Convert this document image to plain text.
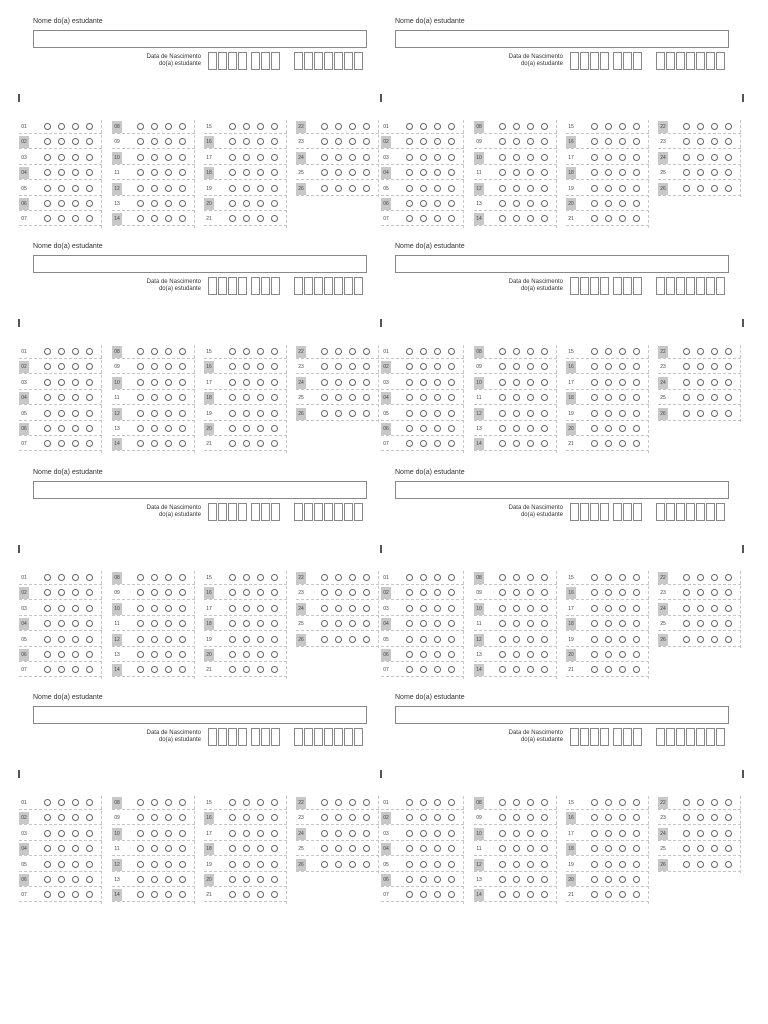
Nome do(a) estudante
Data de Nascimento
do(a) estudante
01
02
03
04
05
06
07
08
09
10
11
12
13
14
15
16
17
18
19
20
21
22
23
24
25
26
Nome do(a) estudante
Data de Nascimento
do(a) estudante
01
02
03
04
05
06
07
08
09
10
11
12
13
14
15
16
17
18
19
20
21
22
23
24
25
26
Nome do(a) estudante
Data de Nascimento
do(a) estudante
01
02
03
04
05
06
07
08
09
10
11
12
13
14
15
16
17
18
19
20
21
22
23
24
25
26
Nome do(a) estudante
Data de Nascimento
do(a) estudante
01
02
03
04
05
06
07
08
09
10
11
12
13
14
15
16
17
18
19
20
21
22
23
24
25
26
Nome do(a) estudante
Data de Nascimento
do(a) estudante
01
02
03
04
05
06
07
08
09
10
11
12
13
14
15
16
17
18
19
20
21
22
23
24
25
26
Nome do(a) estudante
Data de Nascimento
do(a) estudante
01
02
03
04
05
06
07
08
09
10
11
12
13
14
15
16
17
18
19
20
21
22
23
24
25
26
Nome do(a) estudante
Data de Nascimento
do(a) estudante
01
02
03
04
05
06
07
08
09
10
11
12
13
14
15
16
17
18
19
20
21
22
23
24
25
26
Nome do(a) estudante
Data de Nascimento
do(a) estudante
01
02
03
04
05
06
07
08
09
10
11
12
13
14
15
16
17
18
19
20
21
22
23
24
25
26
